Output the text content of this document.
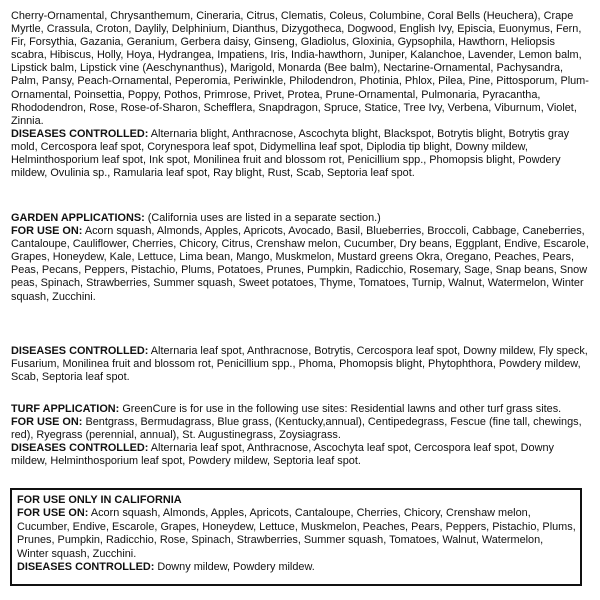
Cherry-Ornamental, Chrysanthemum, Cineraria, Citrus, Clematis, Coleus, Columbine, Coral Bells (Heuchera), Crape Myrtle, Crassula, Croton, Daylily, Delphinium, Dianthus, Dizygotheca, Dogwood, English Ivy, Episcia, Euonymus, Fern, Fir, Forsythia, Gazania, Geranium, Gerbera daisy, Ginseng, Gladiolus, Gloxinia, Gypsophila, Hawthorn, Heliopsis scabra, Hibiscus, Holly, Hoya, Hydrangea, Impatiens, Iris, India-hawthorn, Juniper, Kalanchoe, Lavender, Lemon balm, Lipstick balm, Lipstick vine (Aeschynanthus), Marigold, Monarda (Bee balm), Nectarine-Ornamental, Pachysandra, Palm, Pansy, Peach-Ornamental, Peperomia, Periwinkle, Philodendron, Photinia, Phlox, Pilea, Pine, Pittosporum, Plum-Ornamental, Poinsettia, Poppy, Pothos, Primrose, Privet, Protea, Prune-Ornamental, Pulmonaria, Pyracantha, Rhododendron, Rose, Rose-of-Sharon, Schefflera, Snapdragon, Spruce, Statice, Tree Ivy, Verbena, Viburnum, Violet, Zinnia.

DISEASES CONTROLLED: Alternaria blight, Anthracnose, Ascochyta blight, Blackspot, Botrytis blight, Botrytis gray mold, Cercospora leaf spot, Corynespora leaf spot, Didymellina leaf spot, Diplodia tip blight, Downy mildew, Helminthosporium leaf spot, Ink spot, Monilinea fruit and blossom rot, Penicillium spp., Phomopsis blight, Powdery mildew, Ovulinia sp., Ramularia leaf spot, Ray blight, Rust, Scab, Septoria leaf spot.

GARDEN APPLICATIONS: (California uses are listed in a separate section.)

FOR USE ON: Acorn squash, Almonds, Apples, Apricots, Avocado, Basil, Blueberries, Broccoli, Cabbage, Caneberries, Cantaloupe, Cauliflower, Cherries, Chicory, Citrus, Crenshaw melon, Cucumber, Dry beans, Eggplant, Endive, Escarole, Grapes, Honeydew, Kale, Lettuce, Lima bean, Mango, Muskmelon, Mustard greens Okra, Oregano, Peaches, Pears, Peas, Pecans, Peppers, Pistachio, Plums, Potatoes, Prunes, Pumpkin, Radicchio, Rosemary, Sage, Snap beans, Snow peas, Spinach, Strawberries, Summer squash, Sweet potatoes, Thyme, Tomatoes, Turnip, Walnut, Watermelon, Winter squash, Zucchini.

DISEASES CONTROLLED: Alternaria leaf spot, Anthracnose, Botrytis, Cercospora leaf spot, Downy mildew, Fly speck, Fusarium, Monilinea fruit and blossom rot, Penicillium spp., Phoma, Phomopsis blight, Phytophthora, Powdery mildew, Scab, Septoria leaf spot.

TURF APPLICATION: GreenCure is for use in the following use sites: Residential lawns and other turf grass sites.

FOR USE ON: Bentgrass, Bermudagrass, Blue grass, (Kentucky,annual), Centipedegrass, Fescue (fine tall, chewings, red), Ryegrass (perennial, annual), St. Augustinegrass, Zoysiagrass.

DISEASES CONTROLLED: Alternaria leaf spot, Anthracnose, Ascochyta leaf spot, Cercospora leaf spot, Downy mildew, Helminthosporium leaf spot, Powdery mildew, Septoria leaf spot.

FOR USE ONLY IN CALIFORNIA

FOR USE ON: Acorn squash, Almonds, Apples, Apricots, Cantaloupe, Cherries, Chicory, Crenshaw melon, Cucumber, Endive, Escarole, Grapes, Honeydew, Lettuce, Muskmelon, Peaches, Pears, Peppers, Pistachio, Plums, Prunes, Pumpkin, Radicchio, Rose, Spinach, Strawberries, Summer squash, Tomatoes, Walnut, Watermelon, Winter squash, Zucchini.

DISEASES CONTROLLED: Downy mildew, Powdery mildew.
